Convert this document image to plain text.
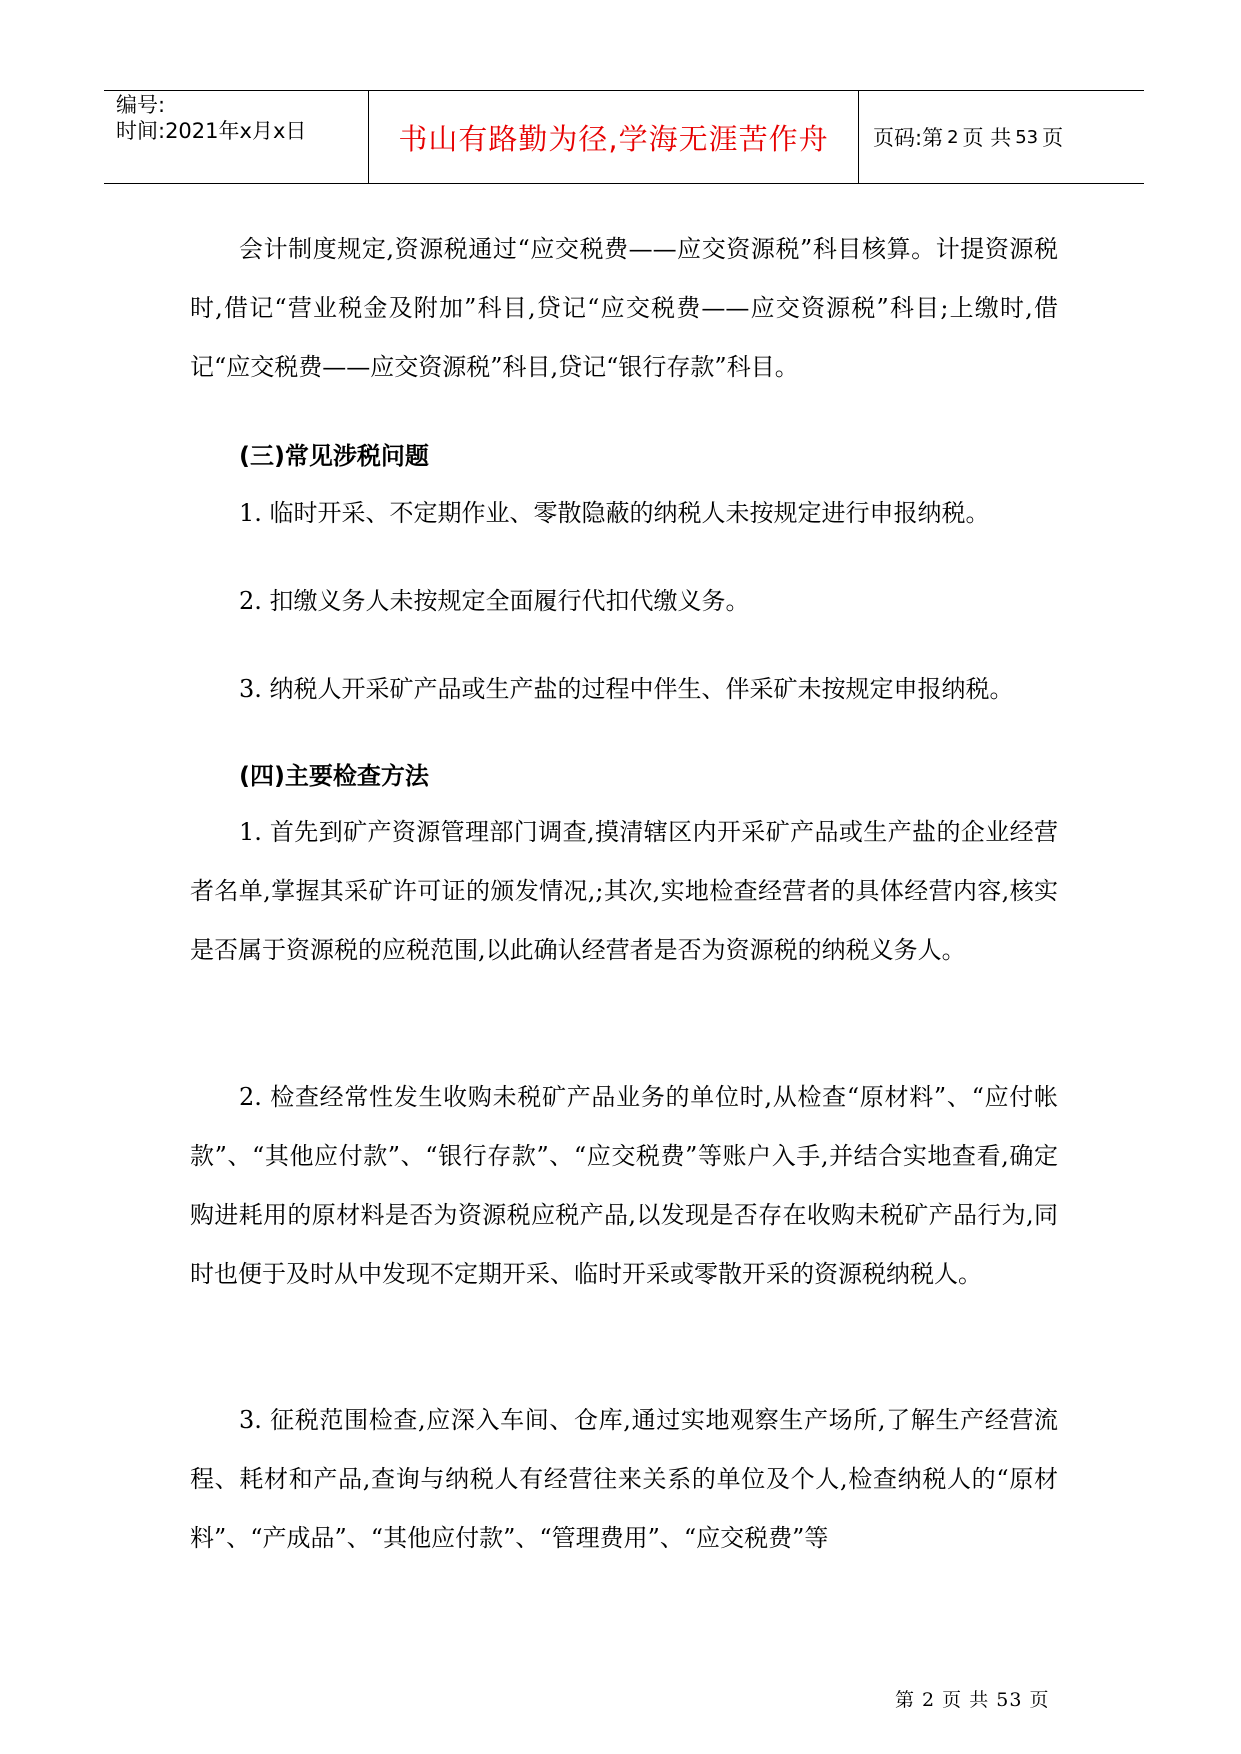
编号:
时间:2021年x月x日	书山有路勤为径,学海无涯苦作舟 页码:第 2 页 共 53 页
会计制度规定,资源税通过“应交税费——应交资源税”科目核算。计提资源税时,借记“营业税金及附加”科目,贷记“应交税费——应交资源税”科目;上缴时,借记“应交税费——应交资源税”科目,贷记“银行存款”科目。
(三)常见涉税问题
1. 临时开采、不定期作业、零散隐蔽的纳税人未按规定进行申报纳税。
2. 扣缴义务人未按规定全面履行代扣代缴义务。
3. 纳税人开采矿产品或生产盐的过程中伴生、伴采矿未按规定申报纳税。
(四)主要检查方法
1. 首先到矿产资源管理部门调查,摸清辖区内开采矿产品或生产盐的企业经营者名单,掌握其采矿许可证的颁发情况,;其次,实地检查经营者的具体经营内容,核实是否属于资源税的应税范围,以此确认经营者是否为资源税的纳税义务人。
2. 检查经常性发生收购未税矿产品业务的单位时,从检查“原材料”、“应付帐款”、“其他应付款”、“银行存款”、“应交税费”等账户入手,并结合实地查看,确定购进耗用的原材料是否为资源税应税产品,以发现是否存在收购未税矿产品行为,同时也便于及时从中发现不定期开采、临时开采或零散开采的资源税纳税人。
3. 征税范围检查,应深入车间、仓库,通过实地观察生产场所,了解生产经营流程、耗材和产品,查询与纳税人有经营往来关系的单位及个人,检查纳税人的“原材料”、“产成品”、“其他应付款”、“管理费用”、“应交税费”等
第 2 页 共 53 页
